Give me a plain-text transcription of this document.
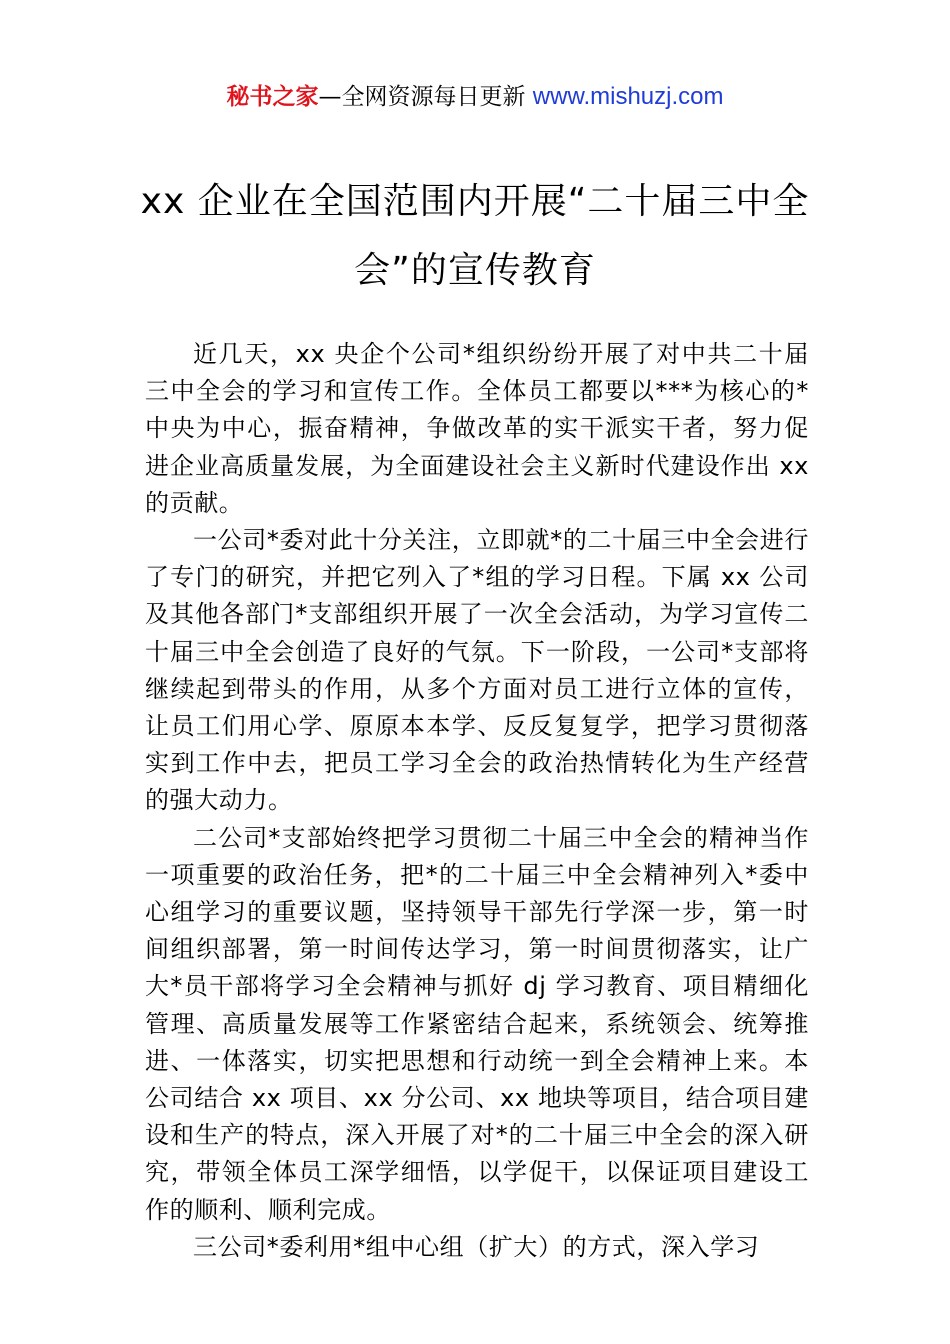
秘书之家—全网资源每日更新 www.mishuzj.com
xx 企业在全国范围内开展“二十届三中全
会”的宣传教育

近几天，xx 央企个公司*组织纷纷开展了对中共二十届三中全会的学习和宣传工作。全体员工都要以***为核心的*中央为中心，振奋精神，争做改革的实干派实干者，努力促进企业高质量发展，为全面建设社会主义新时代建设作出 xx 的贡献。

一公司*委对此十分关注，立即就*的二十届三中全会进行了专门的研究，并把它列入了*组的学习日程。下属 xx 公司及其他各部门*支部组织开展了一次全会活动，为学习宣传二十届三中全会创造了良好的气氛。下一阶段，一公司*支部将继续起到带头的作用，从多个方面对员工进行立体的宣传，让员工们用心学、原原本本学、反反复复学，把学习贯彻落实到工作中去，把员工学习全会的政治热情转化为生产经营的强大动力。

二公司*支部始终把学习贯彻二十届三中全会的精神当作一项重要的政治任务，把*的二十届三中全会精神列入*委中心组学习的重要议题，坚持领导干部先行学深一步，第一时间组织部署，第一时间传达学习，第一时间贯彻落实，让广大*员干部将学习全会精神与抓好 dj 学习教育、项目精细化管理、高质量发展等工作紧密结合起来，系统领会、统筹推进、一体落实，切实把思想和行动统一到全会精神上来。本公司结合 xx 项目、xx 分公司、xx 地块等项目，结合项目建设和生产的特点，深入开展了对*的二十届三中全会的深入研究，带领全体员工深学细悟，以学促干，以保证项目建设工作的顺利、顺利完成。

三公司*委利用*组中心组（扩大）的方式，深入学习
